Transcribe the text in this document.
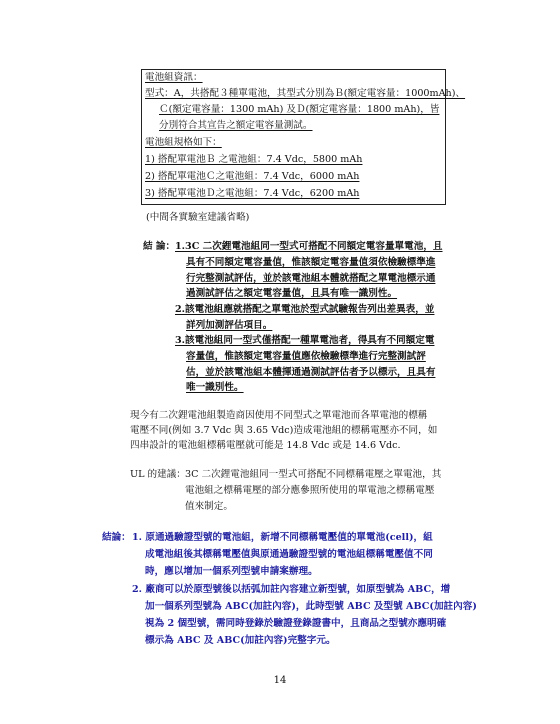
電池組資訊：
型式：A，共搭配３種單電池，其型式分別為Ｂ(額定電容量：1000mAh)、
Ｃ(額定電容量：1300 mAh) 及Ｄ(額定電容量：1800 mAh)，皆
分別符合其宣告之額定電容量測試。
電池組規格如下：
1) 搭配單電池Ｂ 之電池組：7.4 Vdc，5800 mAh
2) 搭配單電池Ｃ之電池組：7.4 Vdc，6000 mAh
3) 搭配單電池Ｄ之電池組：7.4 Vdc，6200 mAh
(中間各實驗室建議省略)
結 論： 1.3C 二次鋰電池組同一型式可搭配不同額定電容量單電池，且
具有不同額定電容量值，惟該額定電容量值須依檢驗標準進
行完整測試評估，並於該電池組本體就搭配之單電池標示通
過測試評估之額定電容量值，且具有唯一識別性。
2.該電池組應就搭配之單電池於型式試驗報告列出差異表，並
詳列加測評估項目。
3.該電池組同一型式僅搭配一種單電池者，得具有不同額定電
容量值，惟該額定電容量值應依檢驗標準進行完整測試評
估，並於該電池組本體揮通過測試評估者予以標示，且具有
唯一識別性。
現今有二次鋰電池組製造商因使用不同型式之單電池而各單電池的標稱
電壓不同(例如 3.7 Vdc 與 3.65 Vdc)造成電池組的標稱電壓亦不同，如
四串設計的電池組標稱電壓就可能是 14.8 Vdc 或是 14.6 Vdc.
UL 的建議： 3C 二次鋰電池組同一型式可搭配不同標稱電壓之單電池，其
電池組之標稱電壓的部分應參照所使用的單電池之標稱電壓
值來制定。
結論： 1. 原通過驗證型號的電池組，新增不同標稱電壓值的單電池(cell)，組
成電池組後其標稱電壓值與原通過驗證型號的電池組標稱電壓值不同
時，應以增加一個系列型號申請案辦理。
2. 廠商可以於原型號後以括弧加註內容建立新型號，如原型號為 ABC，增
加一個系列型號為 ABC(加註內容)，此時型號 ABC 及型號 ABC(加註內容)
視為 2 個型號，需同時登錄於驗證登錄證書中，且商品之型號亦應明確
標示為 ABC 及 ABC(加註內容)完整字元。
14
